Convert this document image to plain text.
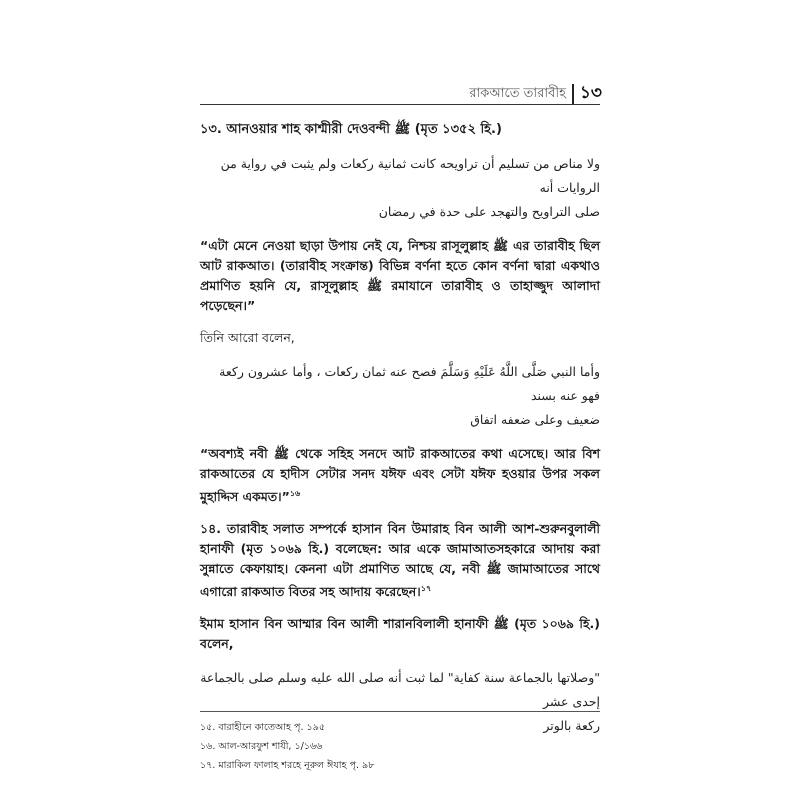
রাকআতে তারাবীহ ১৩

১৩. আনওয়ার শাহ কাশ্মীরী দেওবন্দী ﷺ (মৃত ১৩৫২ হি.)

ولا مناص من تسليم أن تراويحه كانت ثمانية ركعات ولم يثبت في رواية من الروايات أنه
صلى التراويح والتهجد على حدة في رمضان

“এটা মেনে নেওয়া ছাড়া উপায় নেই যে, নিশ্চয় রাসূলুল্লাহ ﷺ এর তারাবীহ ছিল আট রাকআত। (তারাবীহ সংক্রান্ত) বিভিন্ন বর্ণনা হতে কোন বর্ণনা দ্বারা একথাও প্রমাণিত হয়নি যে, রাসূলুল্লাহ ﷺ রমাযানে তারাবীহ ও তাহাজ্জুদ আলাদা পড়েছেন।”

তিনি আরো বলেন,

وأما النبي صَلَّى اللَّهُ عَلَيْهِ وَسَلَّمَ فصح عنه ثمان ركعات ، وأما عشرون ركعة فهو عنه بسند
ضعيف وعلى ضعفه اتفاق

“অবশ্যই নবী ﷺ থেকে সহিহ সনদে আট রাকআতের কথা এসেছে। আর বিশ রাকআতের যে হাদীস সেটার সনদ যঈফ এবং সেটা যঈফ হওয়ার উপর সকল মুহাদ্দিস একমত।”$^{১৬}$

১৪. তারাবীহ সলাত সম্পর্কে হাসান বিন উমারাহ বিন আলী আশ-শুরুনবুলালী হানাফী (মৃত ১০৬৯ হি.) বলেছেন: আর একে জামাআতসহকারে আদায় করা সুন্নাতে কেফায়াহ। কেননা এটা প্রমাণিত আছে যে, নবী ﷺ জামাআতের সাথে এগারো রাকআত বিতর সহ আদায় করেছেন।$^{১৭}$

ইমাম হাসান বিন আম্মার বিন আলী শারানবিলালী হানাফী ﷺ (মৃত ১০৬৯ হি.) বলেন,

"وصلاتها بالجماعة سنة كفاية" لما ثبت أنه صلى الله عليه وسلم صلى بالجماعة إحدى عشر
ركعة بالوتر
১৫. বারাহীনে কাতেআহ পৃ. ১৯৫
১৬. আল-আরফুশ শাযী, ১/১৬৬
১৭. মারাকিল ফালাহ শরহে নূরুল ঈযাহ পৃ. ৯৮
